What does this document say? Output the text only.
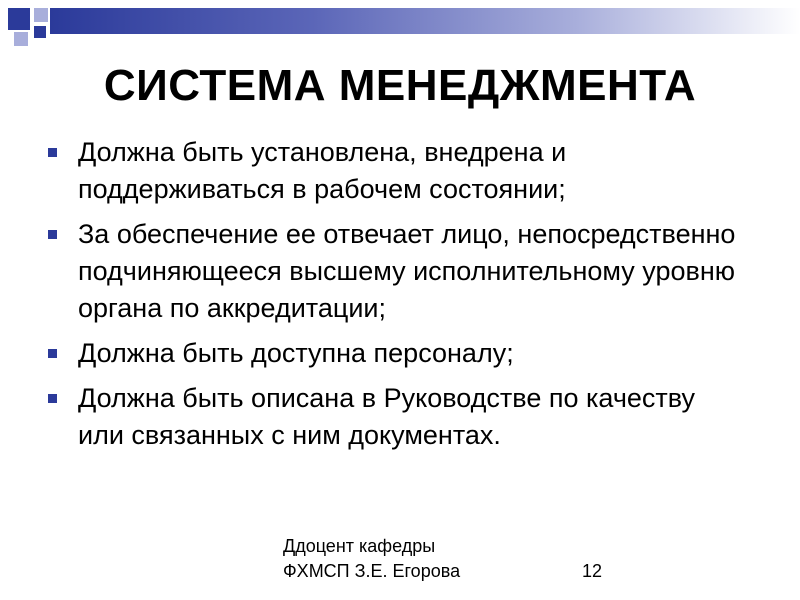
СИСТЕМА МЕНЕДЖМЕНТА
Должна быть установлена, внедрена и поддерживаться в рабочем состоянии;
За обеспечение ее отвечает лицо, непосредственно подчиняющееся высшему исполнительному уровню органа по аккредитации;
Должна быть доступна персоналу;
Должна быть описана в Руководстве по качеству или связанных с ним документах.
Ддоцент кафедры
ФХМСП З.Е. Егорова	12
